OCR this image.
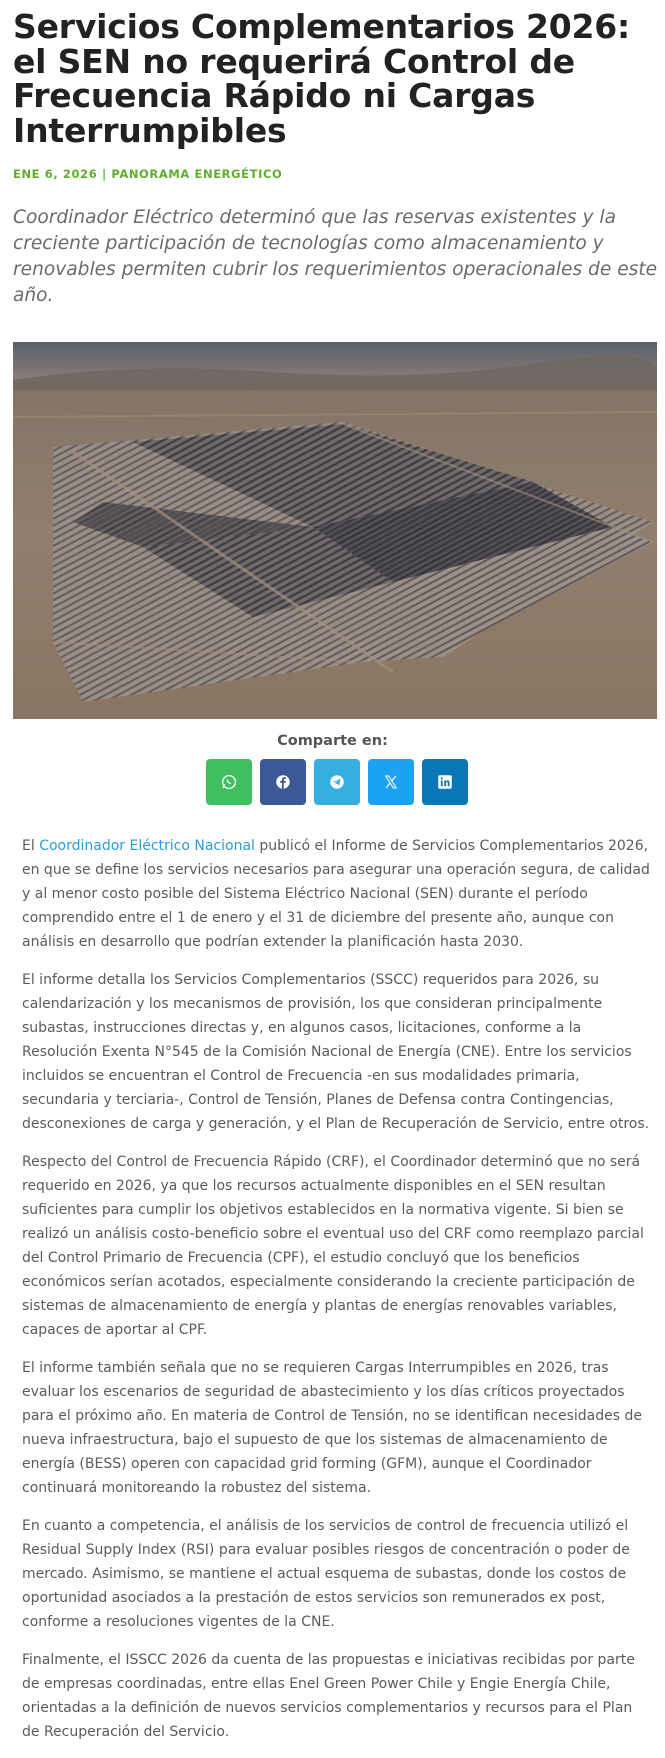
Servicios Complementarios 2026: el SEN no requerirá Control de Frecuencia Rápido ni Cargas Interrumpibles
ENE 6, 2026 | PANORAMA ENERGÉTICO

Coordinador Eléctrico determinó que las reservas existentes y la creciente participación de tecnologías como almacenamiento y renovables permiten cubrir los requerimientos operacionales de este año.

Comparte en:

El Coordinador Eléctrico Nacional publicó el Informe de Servicios Complementarios 2026, en que se define los servicios necesarios para asegurar una operación segura, de calidad y al menor costo posible del Sistema Eléctrico Nacional (SEN) durante el período comprendido entre el 1 de enero y el 31 de diciembre del presente año, aunque con análisis en desarrollo que podrían extender la planificación hasta 2030.

El informe detalla los Servicios Complementarios (SSCC) requeridos para 2026, su calendarización y los mecanismos de provisión, los que consideran principalmente subastas, instrucciones directas y, en algunos casos, licitaciones, conforme a la Resolución Exenta N°545 de la Comisión Nacional de Energía (CNE). Entre los servicios incluidos se encuentran el Control de Frecuencia -en sus modalidades primaria, secundaria y terciaria-, Control de Tensión, Planes de Defensa contra Contingencias, desconexiones de carga y generación, y el Plan de Recuperación de Servicio, entre otros.

Respecto del Control de Frecuencia Rápido (CRF), el Coordinador determinó que no será requerido en 2026, ya que los recursos actualmente disponibles en el SEN resultan suficientes para cumplir los objetivos establecidos en la normativa vigente. Si bien se realizó un análisis costo-beneficio sobre el eventual uso del CRF como reemplazo parcial del Control Primario de Frecuencia (CPF), el estudio concluyó que los beneficios económicos serían acotados, especialmente considerando la creciente participación de sistemas de almacenamiento de energía y plantas de energías renovables variables, capaces de aportar al CPF.

El informe también señala que no se requieren Cargas Interrumpibles en 2026, tras evaluar los escenarios de seguridad de abastecimiento y los días críticos proyectados para el próximo año. En materia de Control de Tensión, no se identifican necesidades de nueva infraestructura, bajo el supuesto de que los sistemas de almacenamiento de energía (BESS) operen con capacidad grid forming (GFM), aunque el Coordinador continuará monitoreando la robustez del sistema.

En cuanto a competencia, el análisis de los servicios de control de frecuencia utilizó el Residual Supply Index (RSI) para evaluar posibles riesgos de concentración o poder de mercado. Asimismo, se mantiene el actual esquema de subastas, donde los costos de oportunidad asociados a la prestación de estos servicios son remunerados ex post, conforme a resoluciones vigentes de la CNE.

Finalmente, el ISSCC 2026 da cuenta de las propuestas e iniciativas recibidas por parte de empresas coordinadas, entre ellas Enel Green Power Chile y Engie Energía Chile, orientadas a la definición de nuevos servicios complementarios y recursos para el Plan de Recuperación del Servicio.
